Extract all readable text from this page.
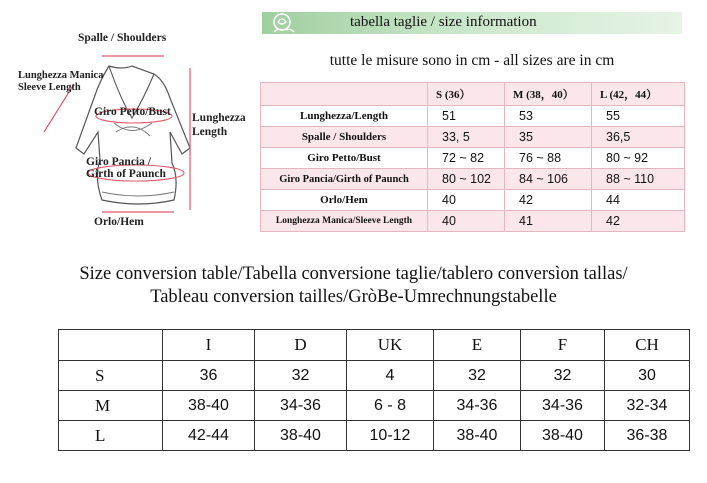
Spalle / Shoulders
Lunghezza Manica
Sleeve Length
Giro Petto/Bust Lunghezza
Length
Giro Pancia /
Girth of Paunch
Orlo/Hem
tabella taglie / size information
tutte le misure sono in cm - all sizes are in cm
	S (36）	M (38，40）	L (42，44）
Lunghezza/Length	51	53	55
Spalle / Shoulders	33, 5	35	36,5
Giro Petto/Bust	72 ~ 82	76 ~ 88	80 ~ 92
Giro Pancia/Girth of Paunch	80 ~ 102	84 ~ 106	88 ~ 110
Orlo/Hem	40	42	44
Longhezza Manica/Sleeve Length	40	41	42
Size conversion table/Tabella conversione taglie/tablero conversìon tallas/
Tableau conversion tailles/GròBe-Umrechnungstabelle
	I	D	UK	E	F	CH
S	36	32	4	32	32	30
M	38-40	34-36	6 - 8	34-36	34-36	32-34
L	42-44	38-40	10-12	38-40	38-40	36-38
